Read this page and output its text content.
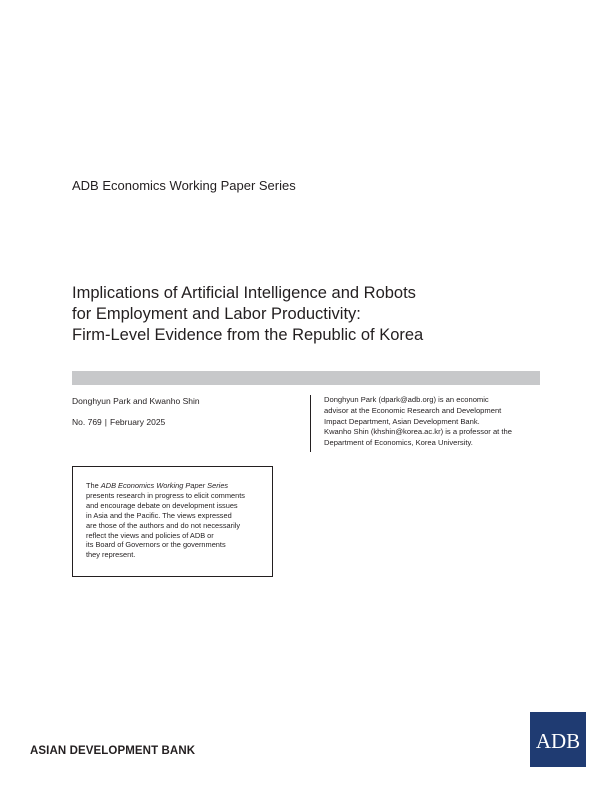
ADB Economics Working Paper Series
Implications of Artificial Intelligence and Robots
for Employment and Labor Productivity:
Firm-Level Evidence from the Republic of Korea
Donghyun Park and Kwanho Shin
No. 769 | February 2025
Donghyun Park (dpark@adb.org) is an economic
advisor at the Economic Research and Development
Impact Department, Asian Development Bank.
Kwanho Shin (khshin@korea.ac.kr) is a professor at the
Department of Economics, Korea University.
The ADB Economics Working Paper Series
presents research in progress to elicit comments
and encourage debate on development issues
in Asia and the Pacific. The views expressed
are those of the authors and do not necessarily
reflect the views and policies of ADB or
its Board of Governors or the governments
they represent.
ASIAN DEVELOPMENT BANK	ADB
